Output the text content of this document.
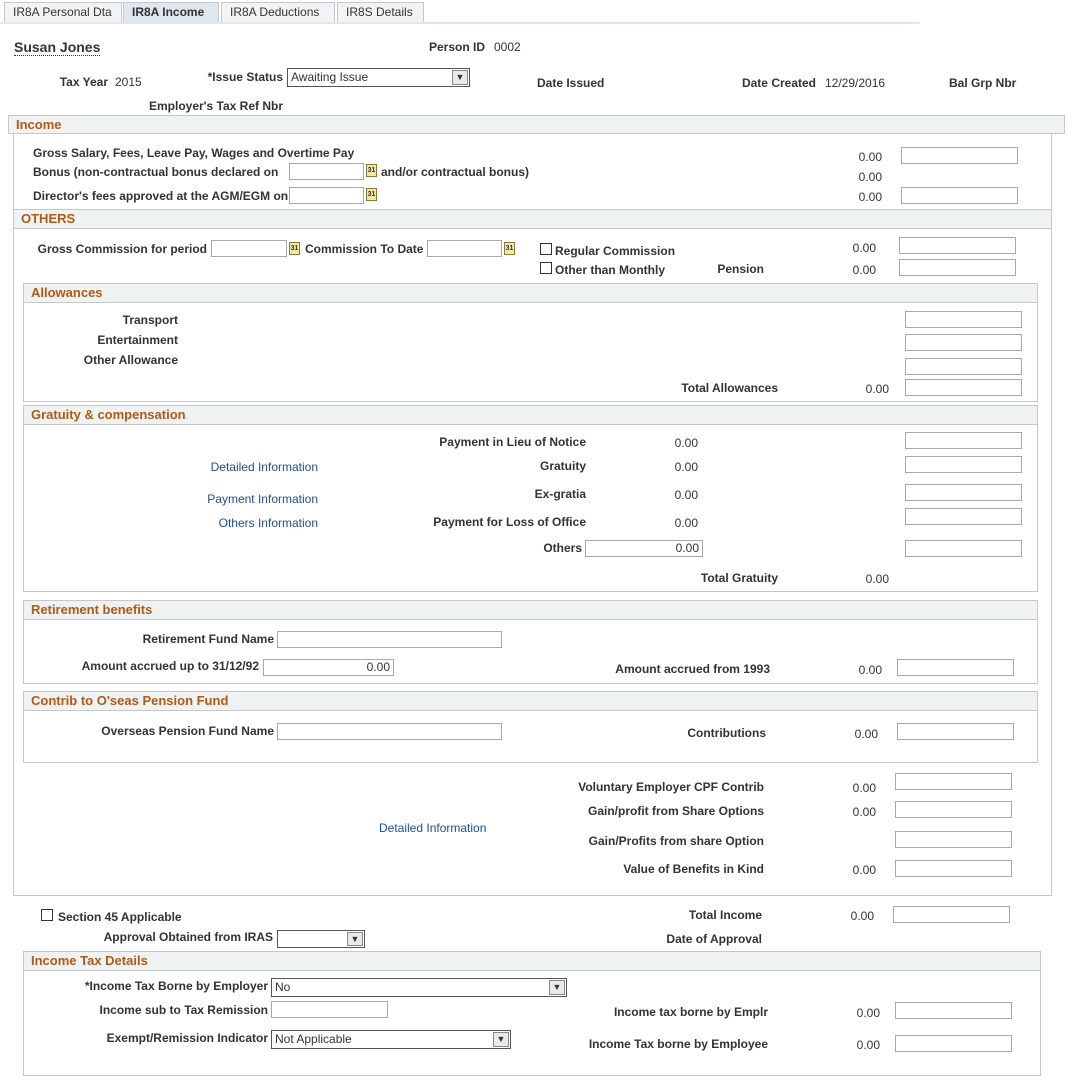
IR8A Personal Dta	IR8A Income	IR8A Deductions	IR8S Details
Susan Jones	Person ID 0002
Tax Year 2015	*Issue Status Awaiting Issue	▼	Date Issued	Date Created 12/29/2016	Bal Grp Nbr
Employer's Tax Ref Nbr
Income
Gross Salary, Fees, Leave Pay, Wages and Overtime Pay	0.00
Bonus (non-contractual bonus declared on	31 and/or contractual bonus)	0.00
Director's fees approved at the AGM/EGM on	31	0.00
OTHERS
Gross Commission for period	31 Commission To Date	31	Regular Commission	0.00
Other than Monthly	Pension	0.00
Allowances
Transport
Entertainment
Other Allowance
Total Allowances	0.00
Gratuity & compensation
Payment in Lieu of Notice	0.00
Detailed Information	Gratuity	0.00
Payment Information	Ex-gratia	0.00
Others Information	Payment for Loss of Office	0.00
Others	0.00
Total Gratuity	0.00
Retirement benefits
Retirement Fund Name
Amount accrued up to 31/12/92	0.00	Amount accrued from 1993	0.00
Contrib to O'seas Pension Fund
Overseas Pension Fund Name	Contributions	0.00
Voluntary Employer CPF Contrib	0.00
Gain/profit from Share Options	0.00
Detailed Information
Gain/Profits from share Option
Value of Benefits in Kind	0.00
Section 45 Applicable	Total Income	0.00
Approval Obtained from IRAS	▼	Date of Approval
Income Tax Details
*Income Tax Borne by Employer No	▼
Income sub to Tax Remission	Income tax borne by Emplr	0.00
Exempt/Remission Indicator Not Applicable	▼	Income Tax borne by Employee	0.00
